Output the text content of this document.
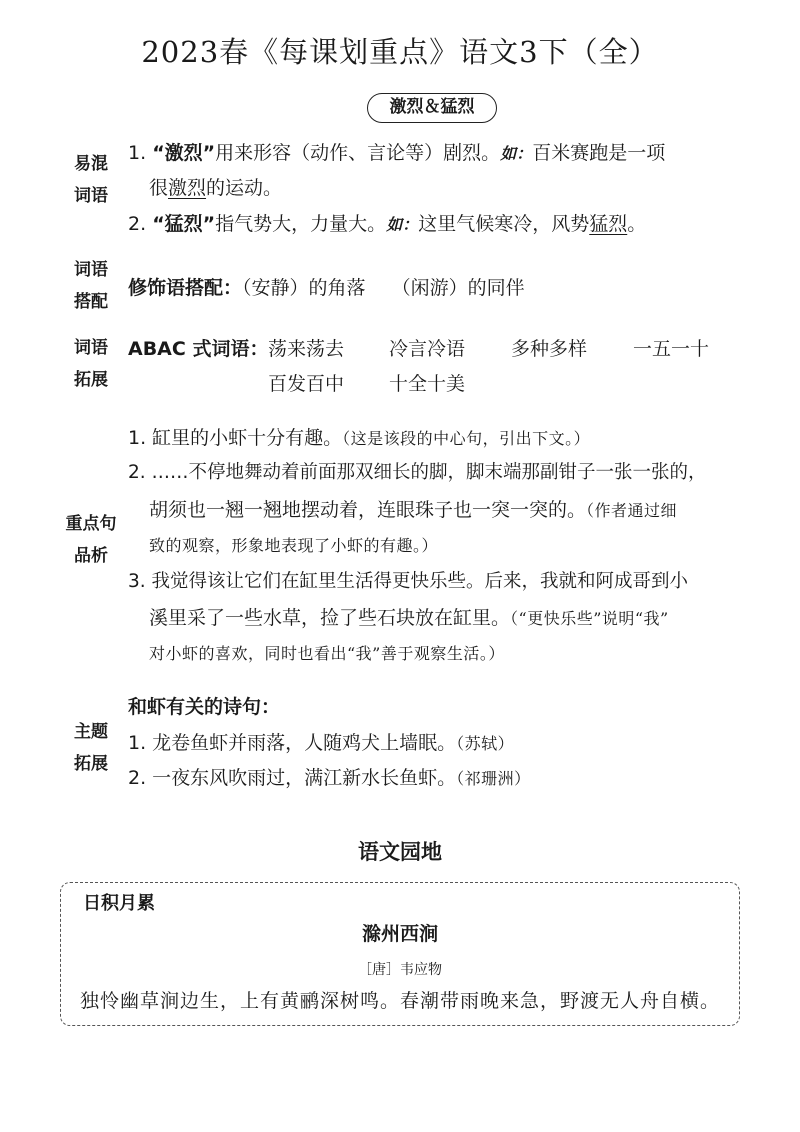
2023春《每课划重点》语文3下（全）
激烈＆猛烈
易混
词语
词语
搭配
词语
拓展
重点句
品析
主题
拓展
1. “激烈”用来形容（动作、言论等）剧烈。如：百米赛跑是一项
很激烈的运动。
2. “猛烈”指气势大，力量大。如：这里气候寒冷，风势猛烈。
修饰语搭配：（安静）的角落 （闲游）的同伴
ABAC 式词语：荡来荡去 冷言冷语 多种多样 一五一十
百发百中 十全十美
1. 缸里的小虾十分有趣。（这是该段的中心句，引出下文。）
2. ……不停地舞动着前面那双细长的脚，脚末端那副钳子一张一张的，
胡须也一翘一翘地摆动着，连眼珠子也一突一突的。（作者通过细
致的观察，形象地表现了小虾的有趣。）
3. 我觉得该让它们在缸里生活得更快乐些。后来，我就和阿成哥到小
溪里采了一些水草，捡了些石块放在缸里。（“更快乐些”说明“我”
对小虾的喜欢，同时也看出“我”善于观察生活。）
和虾有关的诗句：
1. 龙卷鱼虾并雨落，人随鸡犬上墙眠。（苏轼）
2. 一夜东风吹雨过，满江新水长鱼虾。（祁珊洲）
语文园地
日积月累
滁州西涧
［唐］韦应物
独怜幽草涧边生，上有黄鹂深树鸣。春潮带雨晚来急，野渡无人舟自横。
